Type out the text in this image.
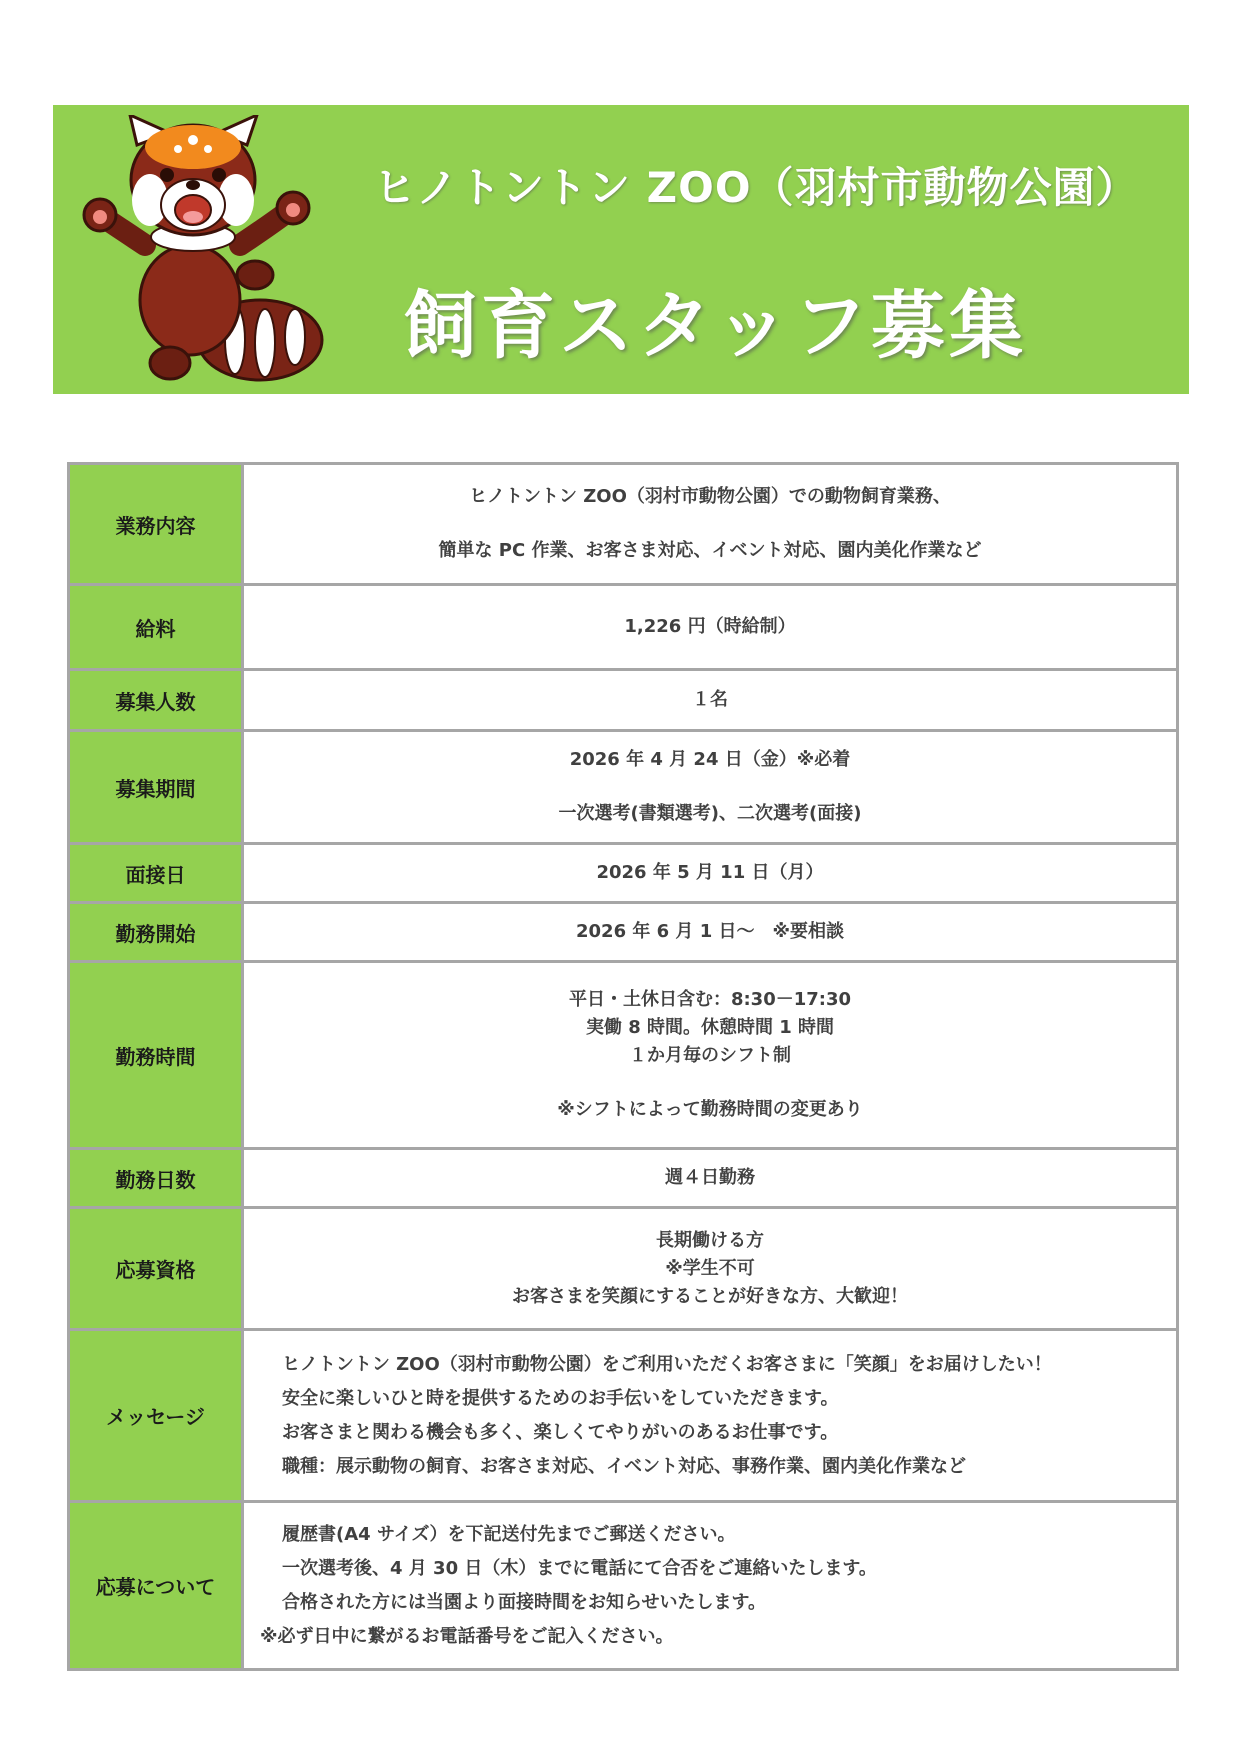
ヒノトントン ZOO（羽村市動物公園）
飼育スタッフ募集
業務内容	ヒノトントン ZOO（羽村市動物公園）での動物飼育業務、
簡単な PC 作業、お客さま対応、イベント対応、園内美化作業など

給料	1,226 円（時給制）

募集人数	１名

募集期間	2026 年 4 月 24 日（金）※必着
一次選考(書類選考)、二次選考(面接)

面接日	2026 年 5 月 11 日（月）

勤務開始	2026 年 6 月 1 日～　※要相談

勤務時間	平日・土休日含む：8:30－17:30
実働 8 時間。休憩時間 1 時間
１か月毎のシフト制
※シフトによって勤務時間の変更あり

勤務日数	週４日勤務

応募資格	長期働ける方
※学生不可
お客さまを笑顔にすることが好きな方、大歓迎！

メッセージ	ヒノトントン ZOO（羽村市動物公園）をご利用いただくお客さまに「笑顔」をお届けしたい！
安全に楽しいひと時を提供するためのお手伝いをしていただきます。
お客さまと関わる機会も多く、楽しくてやりがいのあるお仕事です。
職種：展示動物の飼育、お客さま対応、イベント対応、事務作業、園内美化作業など

応募について	履歴書(A4 サイズ）を下記送付先までご郵送ください。
一次選考後、4 月 30 日（木）までに電話にて合否をご連絡いたします。
合格された方には当園より面接時間をお知らせいたします。
※必ず日中に繋がるお電話番号をご記入ください。
